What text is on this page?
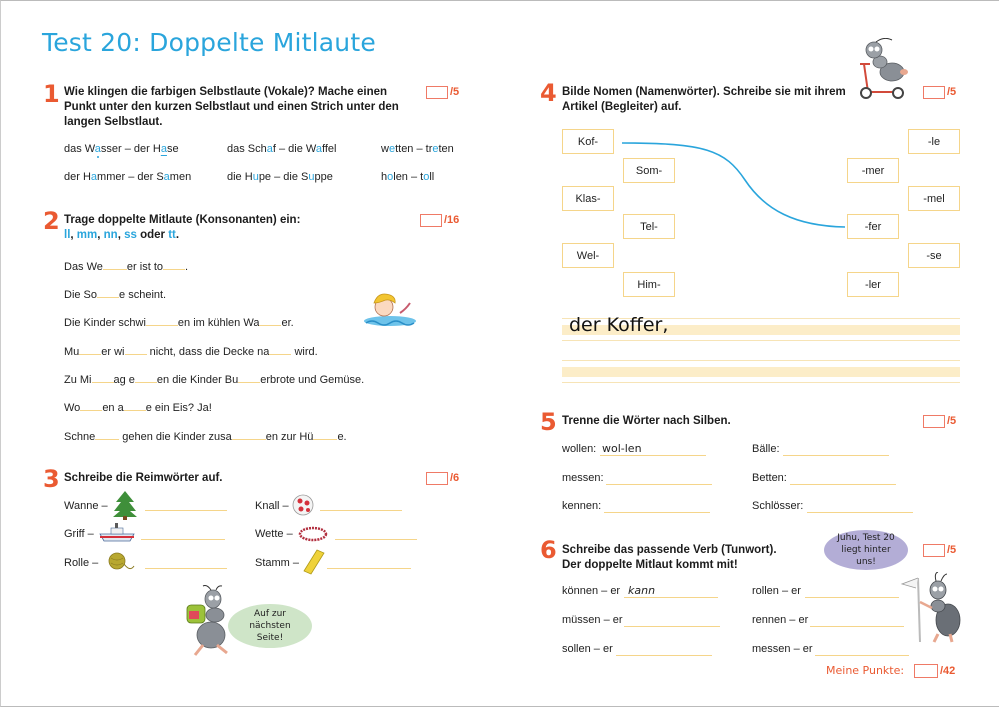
Test 20: Doppelte Mitlaute
1 Wie klingen die farbigen Selbstlaute (Vokale)? Mache einen Punkt unter den kurzen Selbstlaut und einen Strich unter den langen Selbstlaut.
/5
das Wasser – der Hase	das Schaf – die Waffel	wetten – treten
der Hammer – der Samen	die Hupe – die Suppe	holen – toll
2 Trage doppelte Mitlaute (Konsonanten) ein:
ll, mm, nn, ss oder tt.
/16
Das We er ist to .
Die So e scheint.
Die Kinder schwi	en im kühlen Wa er.
Mu er wi nicht, dass die Decke na wird.
Zu Mi ag e en die Kinder Bu erbrote und Gemüse.
Wo en a e ein Eis? Ja!
Schne gehen die Kinder zusa	en zur Hü e.
3 Schreibe die Reimwörter auf.	/6
Wanne –	Knall –
Griff –	Wette –
Rolle –	Stamm –
Auf zur nächsten Seite!
4 Bilde Nomen (Namenwörter). Schreibe sie mit ihrem Artikel (Begleiter) auf.
/5
Kof-
Klas-
Wel-
Som-
Tel-
Him-
-le
-mel
-se
-mer
-fer
-ler
der Koffer,
5 Trenne die Wörter nach Silben.	/5
wollen: wol-len	Bälle:
messen:	Betten:
kennen:	Schlösser:
6 Schreibe das passende Verb (Tunwort).
Der doppelte Mitlaut kommt mit!
/5
Juhu, Test 20 liegt hinter uns!
können – er kann	rollen – er
müssen – er	rennen – er
sollen – er	messen – er
Meine Punkte:	/42
